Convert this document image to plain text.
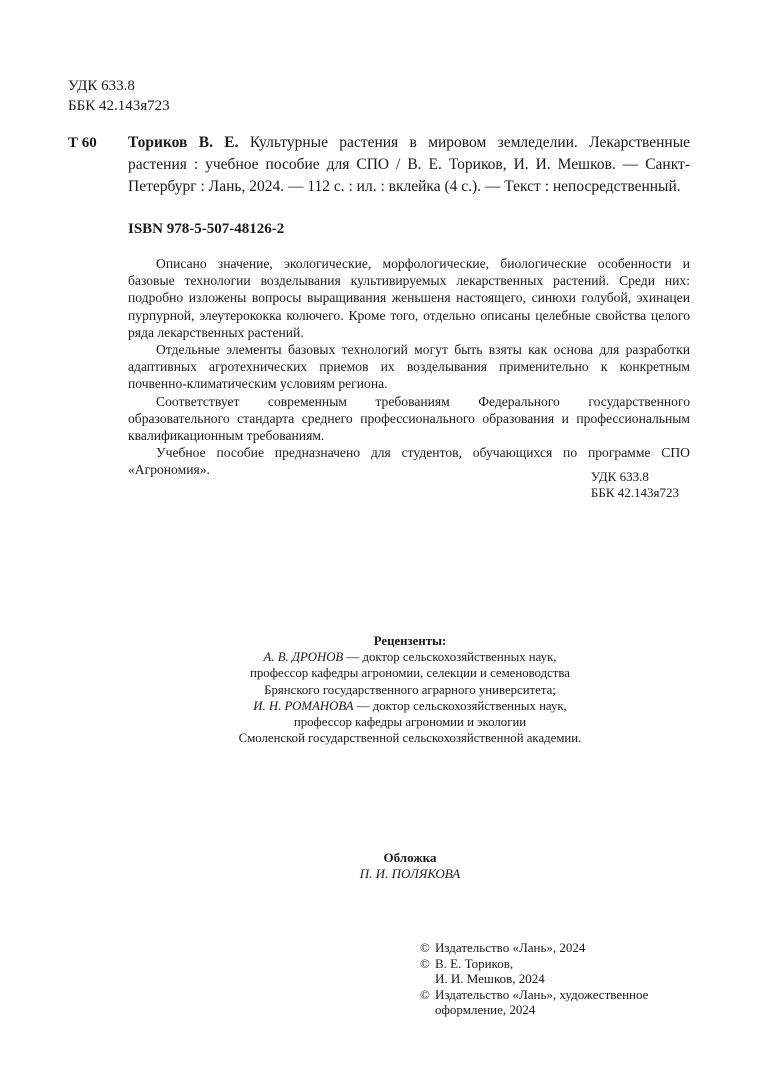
УДК 633.8
ББК 42.143я723
Т 60 Ториков В. Е. Культурные растения в мировом земледелии. Лекарственные растения : учебное пособие для СПО / В. Е. Ториков, И. И. Мешков. — Санкт-Петербург : Лань, 2024. — 112 с. : ил. : вклейка (4 с.). — Текст : непосредственный.
ISBN 978-5-507-48126-2

Описано значение, экологические, морфологические, биологические особенности и базовые технологии возделывания культивируемых лекарственных растений. Среди них: подробно изложены вопросы выращивания женьшеня настоящего, синюхи голубой, эхинацеи пурпурной, элеутерококка колючего. Кроме того, отдельно описаны целебные свойства целого ряда лекарственных растений.

Отдельные элементы базовых технологий могут быть взяты как основа для разработки адаптивных агротехнических приемов их возделывания применительно к конкретным почвенно-климатическим условиям региона.

Соответствует современным требованиям Федерального государственного образовательного стандарта среднего профессионального образования и профессиональным квалификационным требованиям.

Учебное пособие предназначено для студентов, обучающихся по программе СПО «Агрономия».	УДК 633.8
ББК 42.143я723
Рецензенты:
А. В. ДРОНОВ — доктор сельскохозяйственных наук,
профессор кафедры агрономии, селекции и семеноводства
Брянского государственного аграрного университета;
И. Н. РОМАНОВА — доктор сельскохозяйственных наук,
профессор кафедры агрономии и экологии
Смоленской государственной сельскохозяйственной академии.
Обложка
П. И. ПОЛЯКОВА
© Издательство «Лань», 2024
© В. Е. Ториков,
И. И. Мешков, 2024
© Издательство «Лань», художественное
оформление, 2024
